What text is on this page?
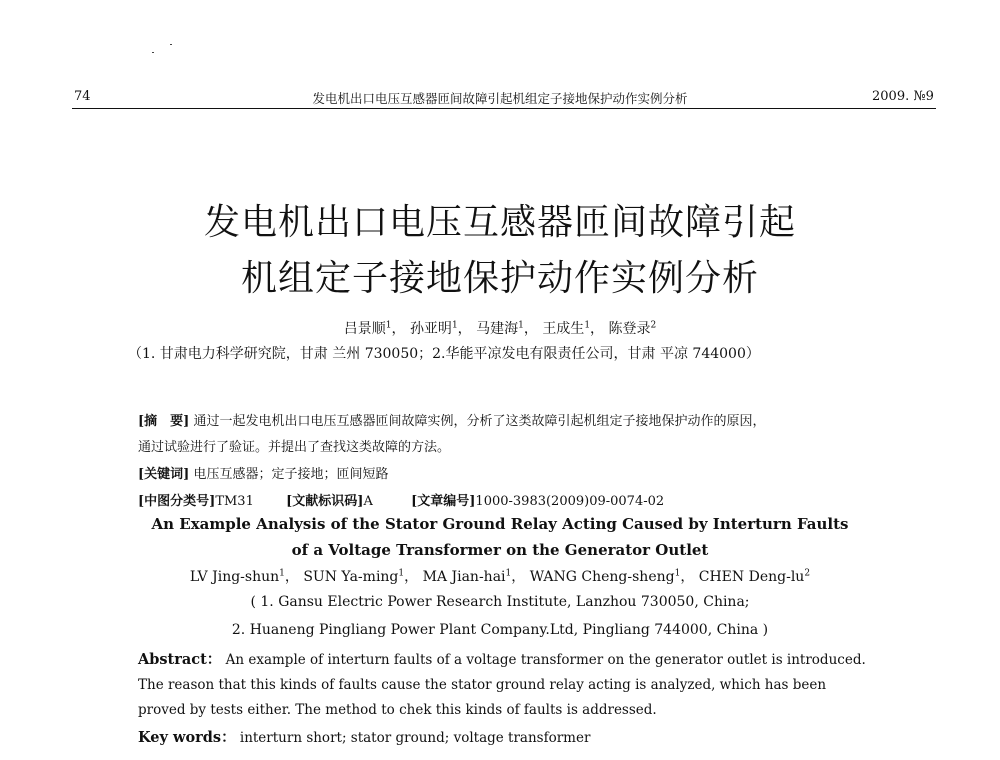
74	发电机出口电压互感器匝间故障引起机组定子接地保护动作实例分析	2009. №9
发电机出口电压互感器匝间故障引起
机组定子接地保护动作实例分析
吕景顺$^1$， 孙亚明$^1$， 马建海$^1$， 王成生$^1$， 陈登录$^2$
（1. 甘肃电力科学研究院，甘肃 兰州 730050；2.华能平凉发电有限责任公司，甘肃 平凉 744000）
[摘　要] 通过一起发电机出口电压互感器匝间故障实例，分析了这类故障引起机组定子接地保护动作的原因，
通过试验进行了验证。并提出了查找这类故障的方法。
[关键词] 电压互感器；定子接地；匝间短路
[中图分类号]TM31 [文献标识码]A	[文章编号]1000-3983(2009)09-0074-02
An Example Analysis of the Stator Ground Relay Acting Caused by Interturn Faults
of a Voltage Transformer on the Generator Outlet
LV Jing-shun$^1$， SUN Ya-ming$^1$， MA Jian-hai$^1$， WANG Cheng-sheng$^1$， CHEN Deng-$lu^2$
( 1. Gansu Electric Power Research Institute, Lanzhou 730050, China;
2. Huaneng Pingliang Power Plant Company.Ltd, Pingliang 744000, China )
Abstract： An example of interturn faults of a voltage transformer on the generator outlet is introduced.
The reason that this kinds of faults cause the stator ground relay acting is analyzed, which has been
proved by tests either. The method to chek this kinds of faults is addressed.
Key words： interturn short; stator ground; voltage transformer
